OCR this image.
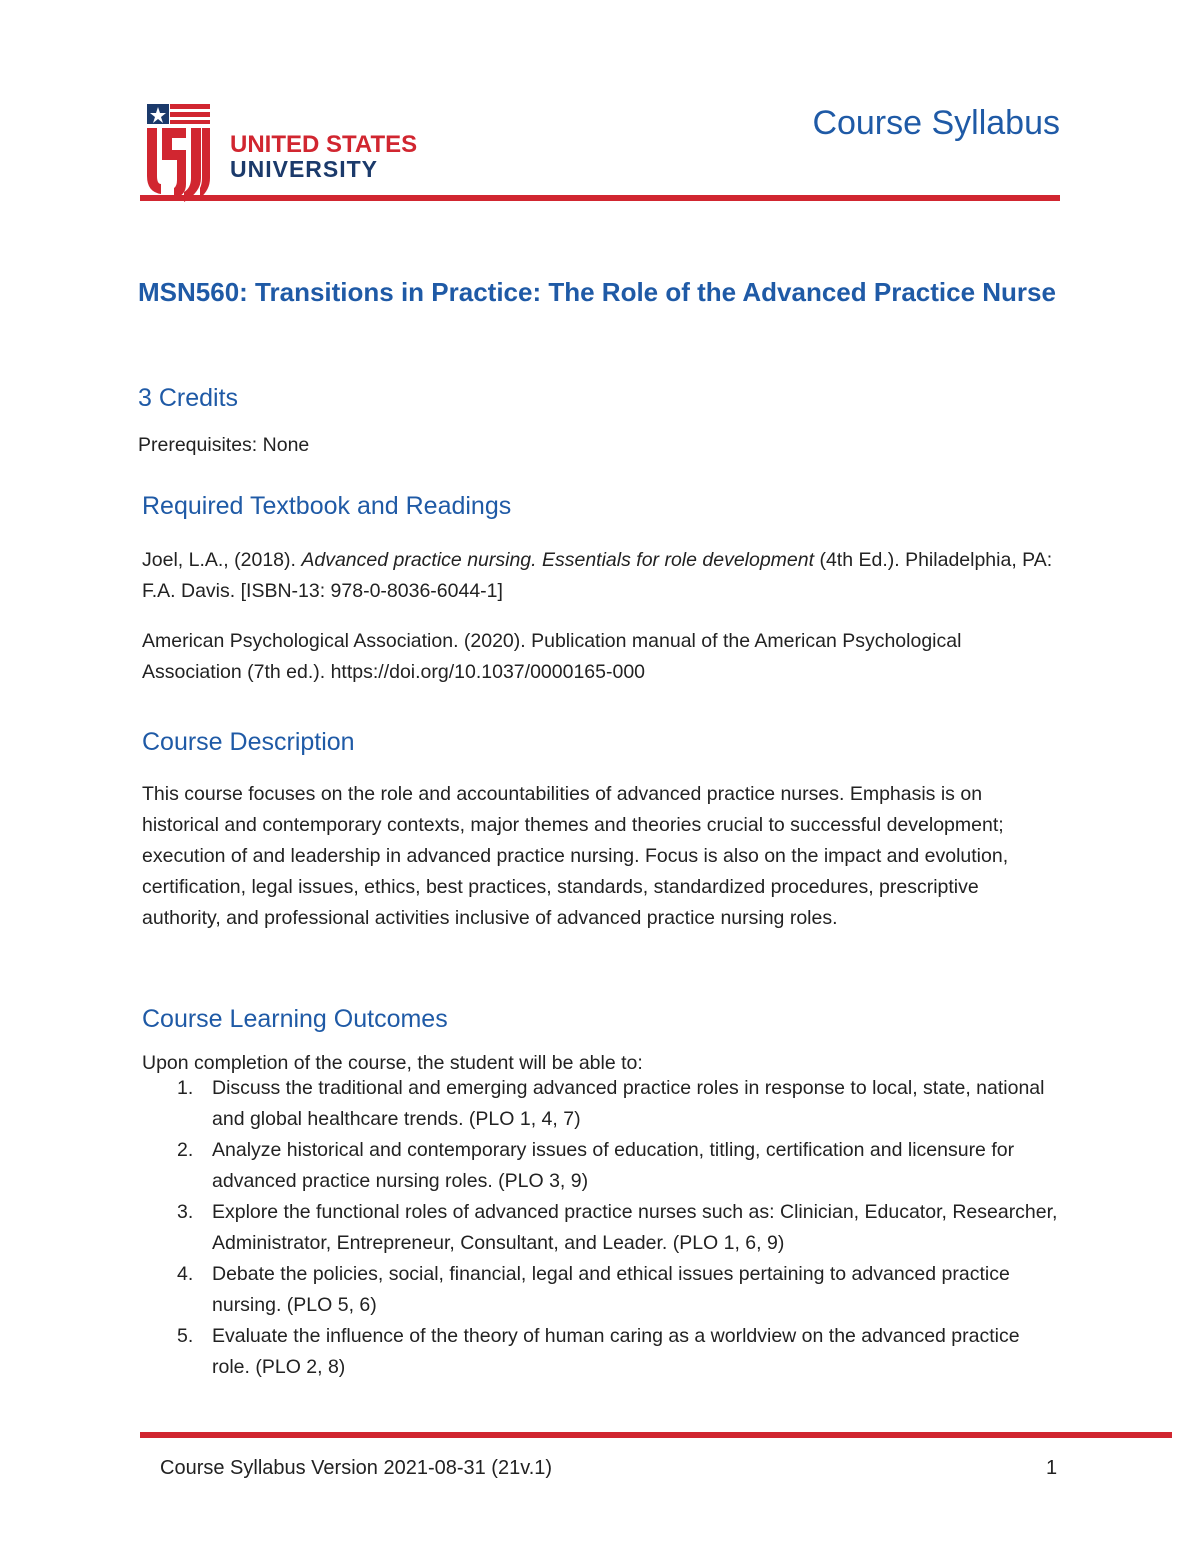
UNITED STATES
UNIVERSITY
Course Syllabus
MSN560: Transitions in Practice: The Role of the Advanced Practice Nurse
3 Credits
Prerequisites: None
Required Textbook and Readings
Joel, L.A., (2018). Advanced practice nursing. Essentials for role development (4th Ed.). Philadelphia, PA: F.A. Davis. [ISBN-13: 978-0-8036-6044-1]
American Psychological Association. (2020). Publication manual of the American Psychological Association (7th ed.). https://doi.org/10.1037/0000165-000
Course Description
This course focuses on the role and accountabilities of advanced practice nurses. Emphasis is on historical and contemporary contexts, major themes and theories crucial to successful development; execution of and leadership in advanced practice nursing. Focus is also on the impact and evolution, certification, legal issues, ethics, best practices, standards, standardized procedures, prescriptive authority, and professional activities inclusive of advanced practice nursing roles.
Course Learning Outcomes
Upon completion of the course, the student will be able to:
1. Discuss the traditional and emerging advanced practice roles in response to local, state, national and global healthcare trends. (PLO 1, 4, 7)
2. Analyze historical and contemporary issues of education, titling, certification and licensure for advanced practice nursing roles. (PLO 3, 9)
3. Explore the functional roles of advanced practice nurses such as: Clinician, Educator, Researcher, Administrator, Entrepreneur, Consultant, and Leader. (PLO 1, 6, 9)
4. Debate the policies, social, financial, legal and ethical issues pertaining to advanced practice nursing. (PLO 5, 6)
5. Evaluate the influence of the theory of human caring as a worldview on the advanced practice role. (PLO 2, 8)
Course Syllabus Version 2021-08-31 (21v.1)	1
